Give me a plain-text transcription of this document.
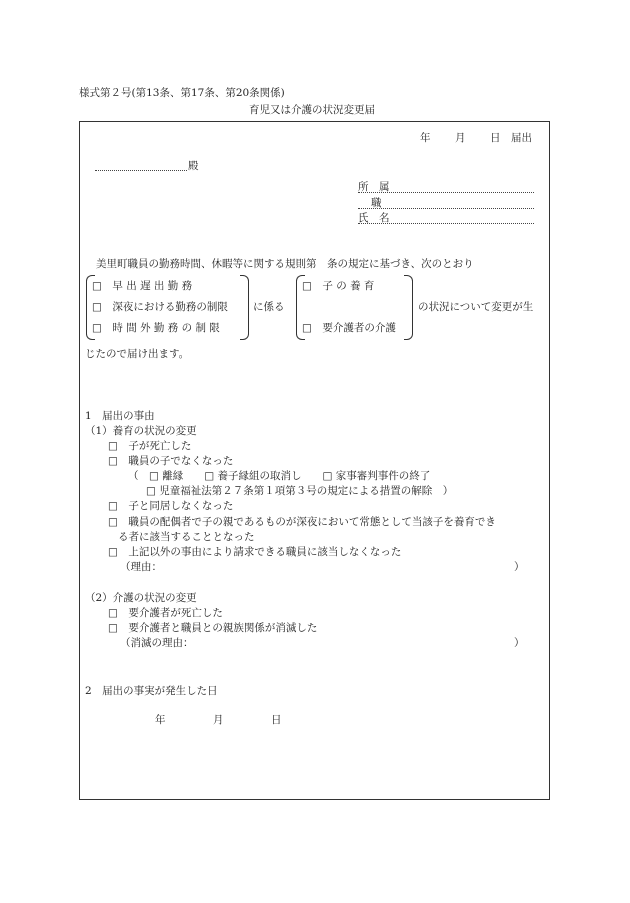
様式第２号(第13条、第17条、第20条関係)
育児又は介護の状況変更届
年 月 日 届出
殿
所　属
職
氏　名
美里町職員の勤務時間、休暇等に関する規則第　条の規定に基づき、次のとおり
□　早 出 遅 出 勤 務
□　深夜における勤務の制限
□　時 間 外 勤 務 の 制 限
に係る
□　子 の 養 育
□　要介護者の介護
の状況について変更が生
じたので届け出ます。
1　届出の事由
（1）養育の状況の変更
□　子が死亡した
□　職員の子でなくなった
（　□ 離縁　　□ 養子縁組の取消し　　□ 家事審判事件の終了
□ 児童福祉法第２７条第１項第３号の規定による措置の解除　）
□　子と同居しなくなった
□　職員の配偶者で子の親であるものが深夜において常態として当該子を養育でき
る者に該当することとなった
□　上記以外の事由により請求できる職員に該当しなくなった
（理由：	）
（2）介護の状況の変更
□　要介護者が死亡した
□　要介護者と職員との親族関係が消滅した
（消滅の理由：	）
2　届出の事実が発生した日
年	月	日
